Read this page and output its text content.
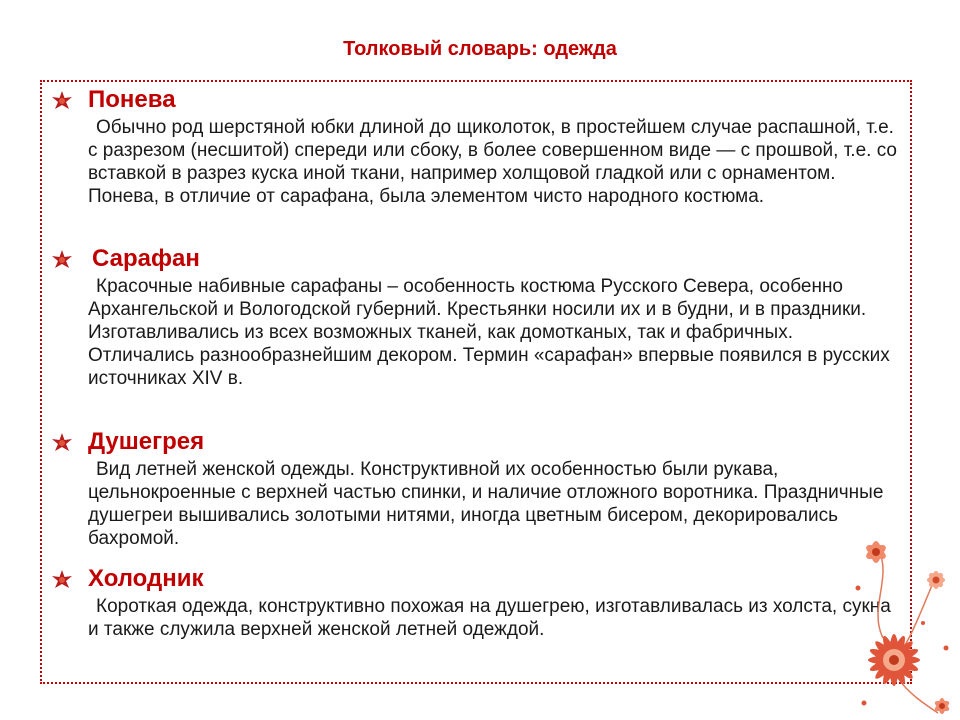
Толковый словарь: одежда
Понева

Обычно род шерстяной юбки длиной до щиколоток, в простейшем случае распашной, т.е. с разрезом (несшитой) спереди или сбоку, в более совершенном виде — с прошвой, т.е. со вставкой в разрез куска иной ткани, например холщовой гладкой или с орнаментом. Понева, в отличие от сарафана, была элементом чисто народного костюма.

Сарафан

Красочные набивные сарафаны – особенность костюма Русского Севера, особенно Архангельской и Вологодской губерний. Крестьянки носили их и в будни, и в праздники. Изготавливались из всех возможных тканей, как домотканых, так и фабричных. Отличались разнообразнейшим декором. Термин «сарафан» впервые появился в русских источниках XIV в.

Душегрея

Вид летней женской одежды. Конструктивной их особенностью были рукава, цельнокроенные с верхней частью спинки, и наличие отложного воротника. Праздничные душегреи вышивались золотыми нитями, иногда цветным бисером, декорировались бахромой.

Холодник

Короткая одежда, конструктивно похожая на душегрею, изготавливалась из холста, сукна и также служила верхней женской летней одеждой.
